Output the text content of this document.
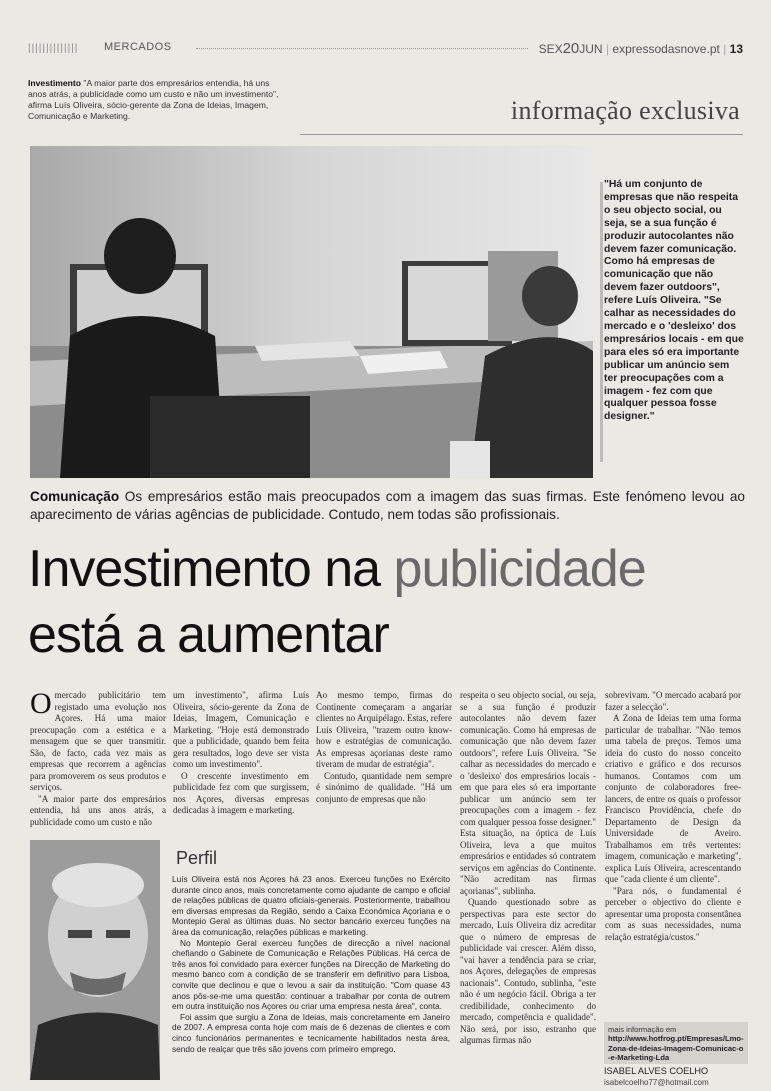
|||||||||||||| MERCADOS	SEX20JUN | expressodasnove.pt | 13
Investimento "A maior parte dos empresários entendia, há uns anos atrás, a publicidade como um custo e não um investimento", afirma Luís Oliveira, sócio-gerente da Zona de Ideias, Imagem, Comunicação e Marketing.	informação exclusiva
"Há um conjunto de empresas que não respeita o seu objecto social, ou seja, se a sua função é produzir autocolantes não devem fazer comunicação. Como há empresas de comunicação que não devem fazer outdoors", refere Luís Oliveira. "Se calhar as necessidades do mercado e o 'desleixo' dos empresários locais - em que para eles só era importante publicar um anúncio sem ter preocupações com a imagem - fez com que qualquer pessoa fosse designer."
Comunicação Os empresários estão mais preocupados com a imagem das suas firmas. Este fenómeno levou ao aparecimento de várias agências de publicidade. Contudo, nem todas são profissionais.
Investimento na publicidade
está a aumentar

Omercado publicitário tem registado uma evolução nos Açores. Há uma maior preocupação com a estética e a mensagem que se quer transmitir. São, de facto, cada vez mais as empresas que recorrem a agências para promoverem os seus produtos e serviços.

"A maior parte dos empresários entendia, há uns anos atrás, a publicidade como um custo e não

um investimento", afirma Luís Oliveira, sócio-gerente da Zona de Ideias, Imagem, Comunicação e Marketing. "Hoje está demonstrado que a publicidade, quando bem feita gera resultados, logo deve ser vista como um investimento".

O crescente investimento em publicidade fez com que surgissem, nos Açores, diversas empresas dedicadas à imagem e marketing.

Ao mesmo tempo, firmas do Continente começaram a angariar clientes no Arquipélago. Estas, refere Luís Oliveira, "trazem outro know-how e estratégias de comunicação. As empresas açorianas deste ramo tiveram de mudar de estratégia".

Contudo, quantidade nem sempre é sinónimo de qualidade. "Há um conjunto de empresas que não

respeita o seu objecto social, ou seja, se a sua função é produzir autocolantes não devem fazer comunicação. Como há empresas de comunicação que não devem fazer outdoors", refere Luís Oliveira. "Se calhar as necessidades do mercado e o 'desleixo' dos empresários locais - em que para eles só era importante publicar um anúncio sem ter preocupações com a imagem - fez com qualquer pessoa fosse designer." Esta situação, na óptica de Luís Oliveira, leva a que muitos empresários e entidades só contratem serviços em agências do Continente. "Não acreditam nas firmas açorianas", sublinha.

Quando questionado sobre as perspectivas para este sector do mercado, Luís Oliveira diz acreditar que o número de empresas de publicidade vai crescer. Além disso, "vai haver a tendência para se criar, nos Açores, delegações de empresas nacionais". Contudo, sublinha, "este não é um negócio fácil. Obriga a ter credibilidade, conhecimento do mercado, competência e qualidade". Não será, por isso, estranho que algumas firmas não

sobrevivam. "O mercado acabará por fazer a selecção".

A Zona de Ideias tem uma forma particular de trabalhar. "Não temos uma tabela de preços. Temos uma ideia do custo do nosso conceito criativo e gráfico e dos recursos humanos. Contamos com um conjunto de colaboradores free-lancers, de entre os quais o professor Francisco Providência, chefe do Departamento de Design da Universidade de Aveiro. Trabalhamos em três vertentes: imagem, comunicação e marketing", explica Luís Oliveira, acrescentando que "cada cliente é um cliente".

"Para nós, o fundamental é perceber o objectivo do cliente e apresentar uma proposta consentânea com as suas necessidades, numa relação estratégia/custos."

Perfil

Luís Oliveira está nos Açores há 23 anos. Exerceu funções no Exército durante cinco anos, mais concretamente como ajudante de campo e oficial de relações públicas de quatro oficiais-generais. Posteriormente, trabalhou em diversas empresas da Região, sendo a Caixa Económica Açoriana e o Montepio Geral as últimas duas. No sector bancário exerceu funções na área da comunicação, relações públicas e marketing.

No Montepio Geral exerceu funções de direcção a nível nacional chefiando o Gabinete de Comunicação e Relações Públicas. Há cerca de três anos foi convidado para exercer funções na Direcção de Marketing do mesmo banco com a condição de se transferir em definitivo para Lisboa, convite que declinou e que o levou a sair da instituição. "Com quase 43 anos pôs-se-me uma questão: continuar a trabalhar por conta de outrem em outra instituição nos Açores ou criar uma empresa nesta área", conta.

Foi assim que surgiu a Zona de Ideias, mais concretamente em Janeiro de 2007. A empresa conta hoje com mais de 6 dezenas de clientes e com cinco funcionários permanentes e tecnicamente habilitados nesta área, sendo de realçar que três são jovens com primeiro emprego.

mais informação em
http://www.hotfrog.pt/Empresas/Lmo-Zona-de-Ideias-Imagem-Comunicac-o-e-Marketing-Lda
ISABEL ALVES COELHO
isabelcoelho77@hotmail.com
